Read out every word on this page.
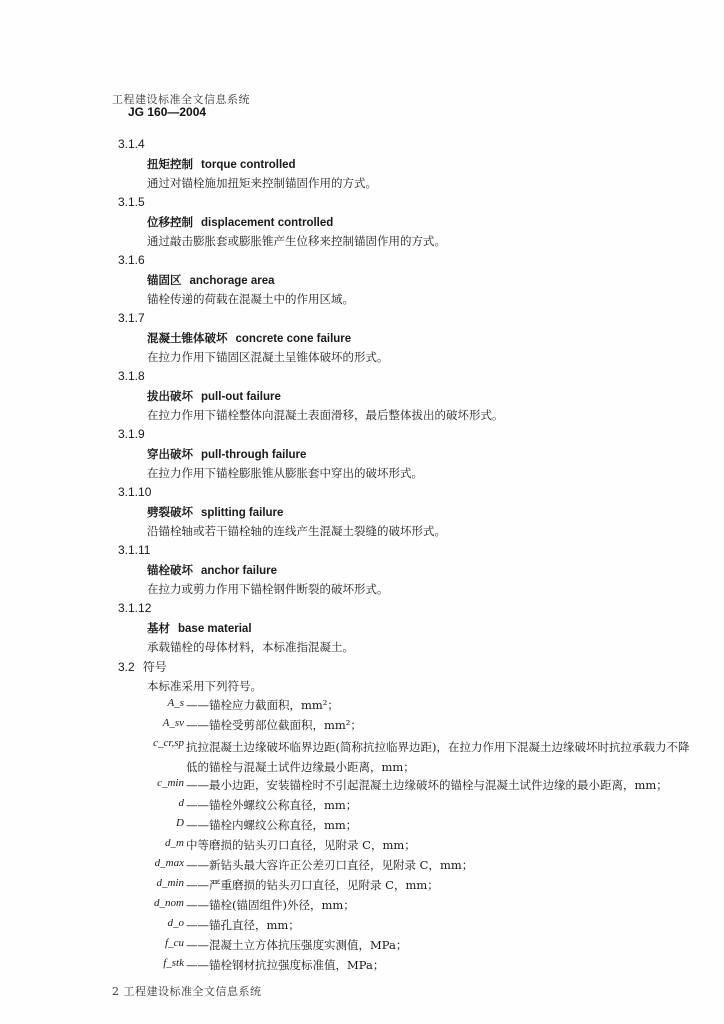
工程建设标准全文信息系统
JG 160—2004
3.1.4
扭矩控制 torque controlled
通过对锚栓施加扭矩来控制锚固作用的方式。
3.1.5
位移控制 displacement controlled
通过敲击膨胀套或膨胀锥产生位移来控制锚固作用的方式。
3.1.6
锚固区 anchorage area
锚栓传递的荷载在混凝土中的作用区域。
3.1.7
混凝土锥体破坏 concrete cone failure
在拉力作用下锚固区混凝土呈锥体破坏的形式。
3.1.8
拔出破坏 pull-out failure
在拉力作用下锚栓整体向混凝土表面滑移，最后整体拔出的破坏形式。
3.1.9
穿出破坏 pull-through failure
在拉力作用下锚栓膨胀锥从膨胀套中穿出的破坏形式。
3.1.10
劈裂破坏 splitting failure
沿锚栓轴或若干锚栓轴的连线产生混凝土裂缝的破坏形式。
3.1.11
锚栓破坏 anchor failure
在拉力或剪力作用下锚栓钢件断裂的破坏形式。
3.1.12
基材 base material
承载锚栓的母体材料，本标准指混凝土。
3.2 符号
本标准采用下列符号。
A_s ——锚栓应力截面积，mm²；
A_sv ——锚栓受剪部位截面积，mm²；
c_cr,sp 抗拉混凝土边缘破坏临界边距(简称抗拉临界边距)，在拉力作用下混凝土边缘破坏时抗拉承载力不降低的锚栓与混凝土试件边缘最小距离，mm；
c_min ——最小边距，安装锚栓时不引起混凝土边缘破坏的锚栓与混凝土试件边缘的最小距离，mm；
d ——锚栓外螺纹公称直径，mm；
D ——锚栓内螺纹公称直径，mm；
d_m 中等磨损的钻头刃口直径，见附录 C，mm；
d_max ——新钻头最大容许正公差刃口直径，见附录 C，mm；
d_min ——严重磨损的钻头刃口直径，见附录 C，mm；
d_nom ——锚栓(锚固组件)外径，mm；
d_o ——锚孔直径，mm；
f_cu ——混凝土立方体抗压强度实测值，MPa；
f_stk ——锚栓钢材抗拉强度标准值，MPa；
2 工程建设标准全文信息系统
